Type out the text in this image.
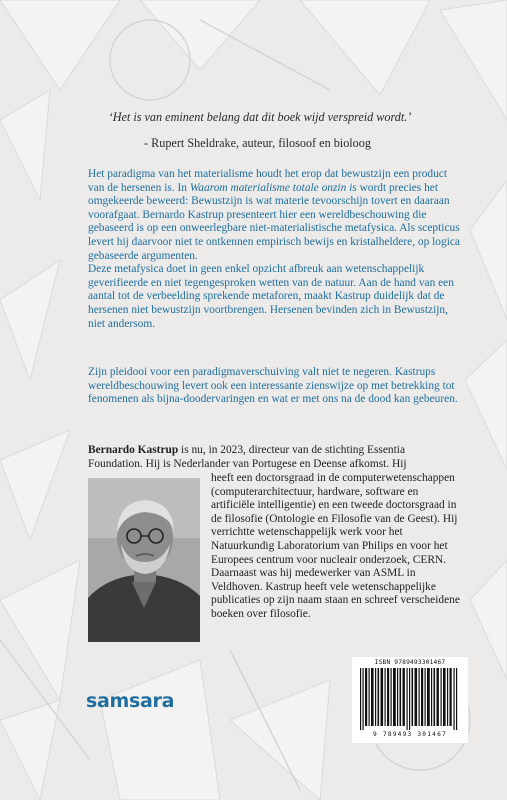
‘Het is van eminent belang dat dit boek wijd verspreid wordt.’
- Rupert Sheldrake, auteur, filosoof en bioloog

Het paradigma van het materialisme houdt het erop dat bewustzijn een product van de hersenen is. In Waarom materialisme totale onzin is wordt precies het omgekeerde beweerd: Bewustzijn is wat materie tevoorschijn tovert en daaraan voorafgaat. Bernardo Kastrup presenteert hier een wereldbeschouwing die gebaseerd is op een onweerlegbare niet-materialistische metafysica. Als scepticus levert hij daarvoor niet te ontkennen empirisch bewijs en kristalheldere, op logica gebaseerde argumenten.

Deze metafysica doet in geen enkel opzicht afbreuk aan wetenschappelijk geverifieerde en niet tegengesproken wetten van de natuur. Aan de hand van een aantal tot de verbeelding sprekende metaforen, maakt Kastrup duidelijk dat de hersenen niet bewustzijn voortbrengen. Hersenen bevinden zich in Bewustzijn, niet andersom.

Zijn pleidooi voor een paradigmaverschuiving valt niet te negeren. Kastrups wereldbeschouwing levert ook een interessante zienswijze op met betrekking tot fenomenen als bijna-doodervaringen en wat er met ons na de dood kan gebeuren.

Bernardo Kastrup is nu, in 2023, directeur van de stichting Essentia Foundation. Hij is Nederlander van Portugese en Deense afkomst. Hij
heeft een doctorsgraad in de computerwetenschappen (computerarchitectuur, hardware, software en artificiële intelligentie) en een tweede doctorsgraad in de filosofie (Ontologie en Filosofie van de Geest). Hij verrichtte wetenschappelijk werk voor het Natuurkundig Laboratorium van Philips en voor het Europees centrum voor nucleair onderzoek, CERN. Daarnaast was hij medewerker van ASML in Veldhoven. Kastrup heeft vele wetenschappelijke publicaties op zijn naam staan en schreef verscheidene boeken over filosofie.
samsara
ISBN 9789493301467
9 789493 301467
